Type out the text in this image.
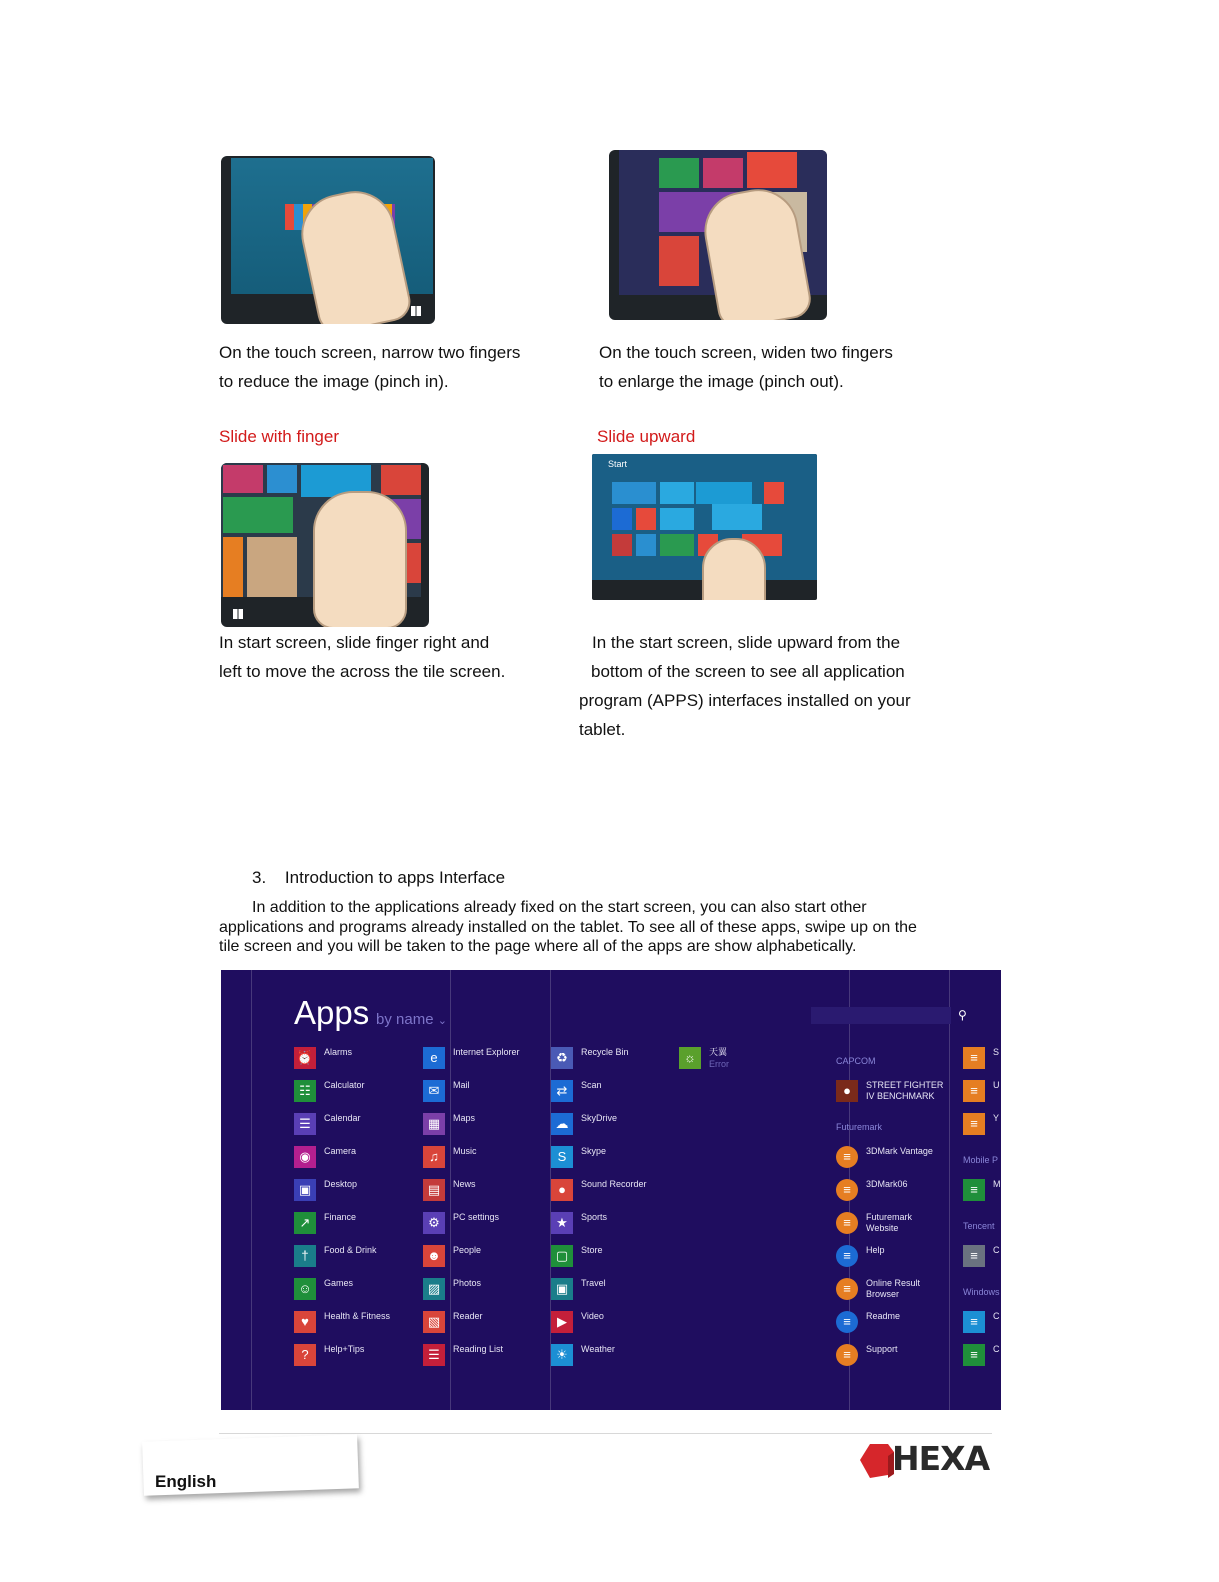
On the touch screen, narrow two fingers

to reduce the image (pinch in).

On the touch screen, widen two fingers

to enlarge the image (pinch out).

Slide with finger	Slide upward

Start

In start screen, slide finger right and

left to move the across the tile screen.

In the start screen, slide upward from the

bottom of the screen to see all application

program (APPS) interfaces installed on your

tablet.

3. Introduction to apps Interface
In addition to the applications already fixed on the start screen, you can also start other
applications and programs already installed on the tablet. To see all of these apps, swipe up on the
tile screen and you will be taken to the page where all of the apps are show alphabetically.
Apps by name ⌄	⚲
⏰	Alarms
☷	Calculator
☰	Calendar
◉	Camera
▣	Desktop
↗	Finance
†	Food & Drink
☺	Games
♥	Health & Fitness
?	Help+Tips
e	Internet Explorer
✉	Mail
▦	Maps
♫	Music
▤	News
⚙	PC settings
☻	People
▨	Photos
▧	Reader
☰	Reading List
♻	Recycle Bin
⇄	Scan
☁	SkyDrive
S	Skype
●	Sound Recorder
★	Sports
▢	Store
▣	Travel
▶	Video
☀	Weather
☼	天翼
Error	CAPCOM
●	STREET FIGHTER IV BENCHMARK
Futuremark
≡	3DMark Vantage
≡	3DMark06
≡	Futuremark Website
≡	Help
≡	Online Result Browser
≡	Readme
≡	Support
Mobile P
Tencent
Windows
≡	S
≡	U
≡	Y
≡	M
≡	C
≡	C
≡	C
English
HEXA
